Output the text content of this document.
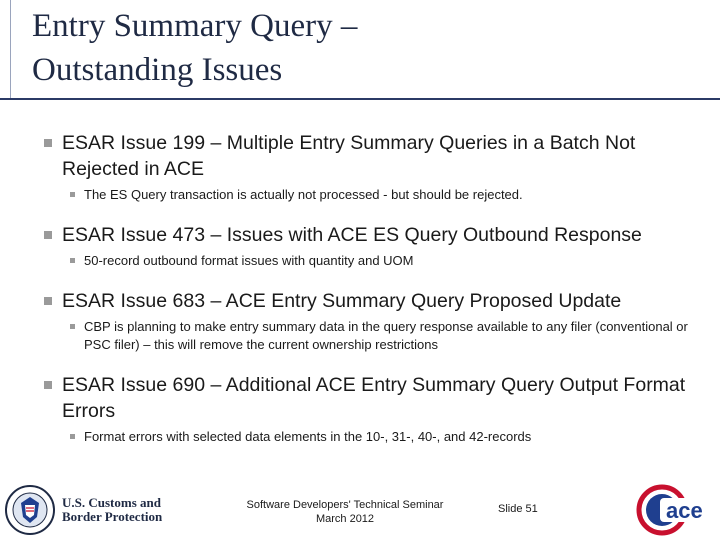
Entry Summary Query –
Outstanding Issues
ESAR Issue 199 – Multiple Entry Summary Queries in a Batch Not Rejected in ACE
The ES Query transaction is actually not processed - but should be rejected.
ESAR Issue 473 – Issues with ACE ES Query Outbound Response
50-record outbound format issues with quantity and UOM
ESAR Issue 683 – ACE Entry Summary Query Proposed Update
CBP is planning to make entry summary data in the query response available to any filer (conventional or PSC filer) – this will remove the current ownership restrictions
ESAR Issue 690 – Additional ACE Entry Summary Query Output Format Errors
Format errors with selected data elements in the 10-, 31-, 40-, and 42-records
U.S. Customs and
Border Protection
Software Developers' Technical Seminar
March 2012
Slide 51	ace
